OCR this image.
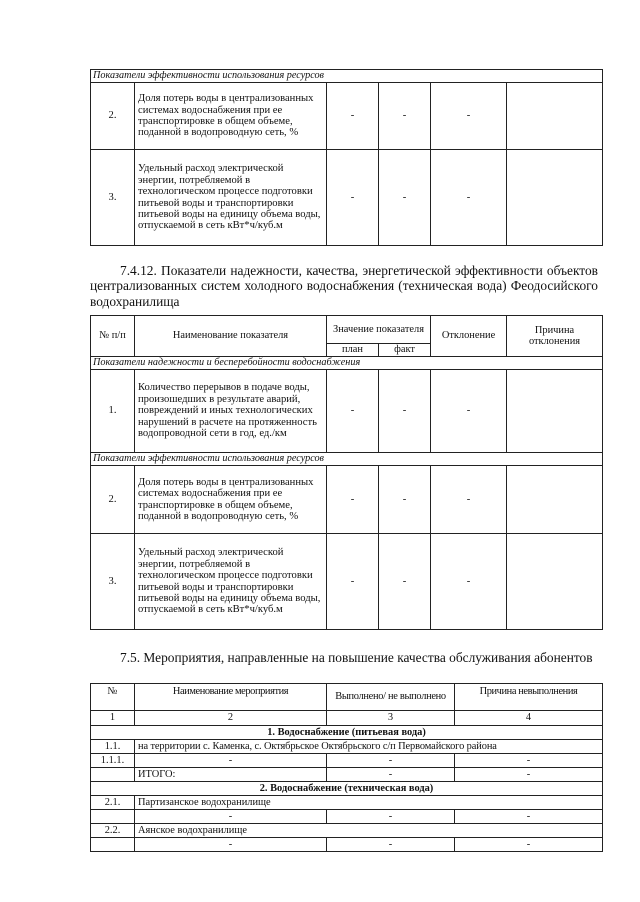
Показатели эффективности использования ресурсов					
2.	Доля потерь воды в централизованных системах водоснабжения при ее транспортировке в общем объеме, поданной в водопроводную сеть, %	-	-	-	
3.	Удельный расход электрической энергии, потребляемой в технологическом процессе подготовки питьевой воды и транспортировки питьевой воды на единицу объема воды, отпускаемой в сеть кВт*ч/куб.м	-	-	-	

7.4.12. Показатели надежности, качества, энергетической эффективности объектов централизованных систем холодного водоснабжения (техническая вода) Феодосийского водохранилища

№ п/п	Наименование показателя	Значение показателя		Отклонение	Причина отклонения
		план	факт		
Показатели надежности и бесперебойности водоснабжения					
1.	Количество перерывов в подаче воды, произошедших в результате аварий, повреждений и иных технологических нарушений в расчете на протяженность водопроводной сети в год, ед./км	-	-	-	
Показатели эффективности использования ресурсов					
2.	Доля потерь воды в централизованных системах водоснабжения при ее транспортировке в общем объеме, поданной в водопроводную сеть, %	-	-	-	
3.	Удельный расход электрической энергии, потребляемой в технологическом процессе подготовки питьевой воды и транспортировки питьевой воды на единицу объема воды, отпускаемой в сеть кВт*ч/куб.м	-	-	-	

7.5. Мероприятия, направленные на повышение качества обслуживания абонентов

№	Наименование мероприятия	Выполнено/ не выполнено	Причина невыполнения
1	2	3	4
1. Водоснабжение (питьевая вода)			
1.1.	на территории с. Каменка, с. Октябрьское Октябрьского с/п Первомайского района		
1.1.1.	-	-	-
	ИТОГО:	-	-
2. Водоснабжение (техническая вода)			
2.1.	Партизанское водохранилище		
	-	-	-
2.2.	Аянское водохранилище		
	-	-	-
